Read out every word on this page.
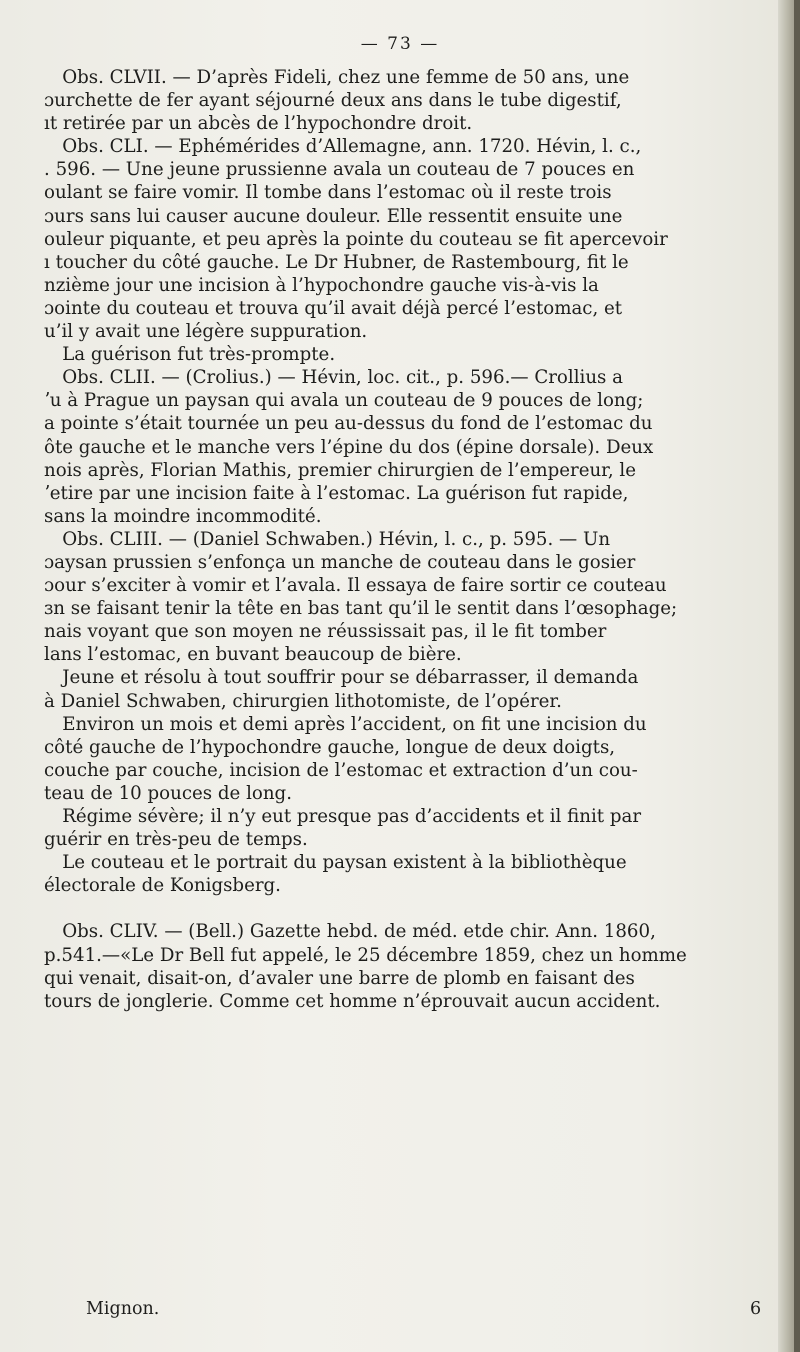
— 73 —
 Obs. CLVII. — D’après Fideli, chez une femme de 50 ans, une
ɔurchette de fer ayant séjourné deux ans dans le tube digestif,
ıt retirée par un abcès de l’hypochondre droit.
 Obs. CLI. — Ephémérides d’Allemagne, ann. 1720. Hévin, l. c.,
. 596. — Une jeune prussienne avala un couteau de 7 pouces en
oulant se faire vomir. Il tombe dans l’estomac où il reste trois
ɔurs sans lui causer aucune douleur. Elle ressentit ensuite une
ouleur piquante, et peu après la pointe du couteau se fit apercevoir
ı toucher du côté gauche. Le Dr Hubner, de Rastembourg, fit le
nzième jour une incision à l’hypochondre gauche vis-à-vis la
ɔointe du couteau et trouva qu’il avait déjà percé l’estomac, et
u’il y avait une légère suppuration.
 La guérison fut très-prompte.
 Obs. CLII. — (Crolius.) — Hévin, loc. cit., p. 596.— Crollius a
ʼu à Prague un paysan qui avala un couteau de 9 pouces de long;
a pointe s’était tournée un peu au-dessus du fond de l’estomac du
ôte gauche et le manche vers l’épine du dos (épine dorsale). Deux
nois après, Florian Mathis, premier chirurgien de l’empereur, le
ʼetire par une incision faite à l’estomac. La guérison fut rapide,
sans la moindre incommodité.
 Obs. CLIII. — (Daniel Schwaben.) Hévin, l. c., p. 595. — Un
ɔaysan prussien s’enfonça un manche de couteau dans le gosier
ɔour s’exciter à vomir et l’avala. Il essaya de faire sortir ce couteau
ɜn se faisant tenir la tête en bas tant qu’il le sentit dans l’œsophage;
nais voyant que son moyen ne réussissait pas, il le fit tomber
lans l’estomac, en buvant beaucoup de bière.
 Jeune et résolu à tout souffrir pour se débarrasser, il demanda
à Daniel Schwaben, chirurgien lithotomiste, de l’opérer.
 Environ un mois et demi après l’accident, on fit une incision du
côté gauche de l’hypochondre gauche, longue de deux doigts,
couche par couche, incision de l’estomac et extraction d’un cou-
teau de 10 pouces de long.
 Régime sévère; il n’y eut presque pas d’accidents et il finit par
guérir en très-peu de temps.
 Le couteau et le portrait du paysan existent à la bibliothèque
électorale de Konigsberg.
 Obs. CLIV. — (Bell.) Gazette hebd. de méd. etde chir. Ann. 1860,
p.541.—«Le Dr Bell fut appelé, le 25 décembre 1859, chez un homme
qui venait, disait-on, d’avaler une barre de plomb en faisant des
tours de jonglerie. Comme cet homme n’éprouvait aucun accident.
Mignon.	6
